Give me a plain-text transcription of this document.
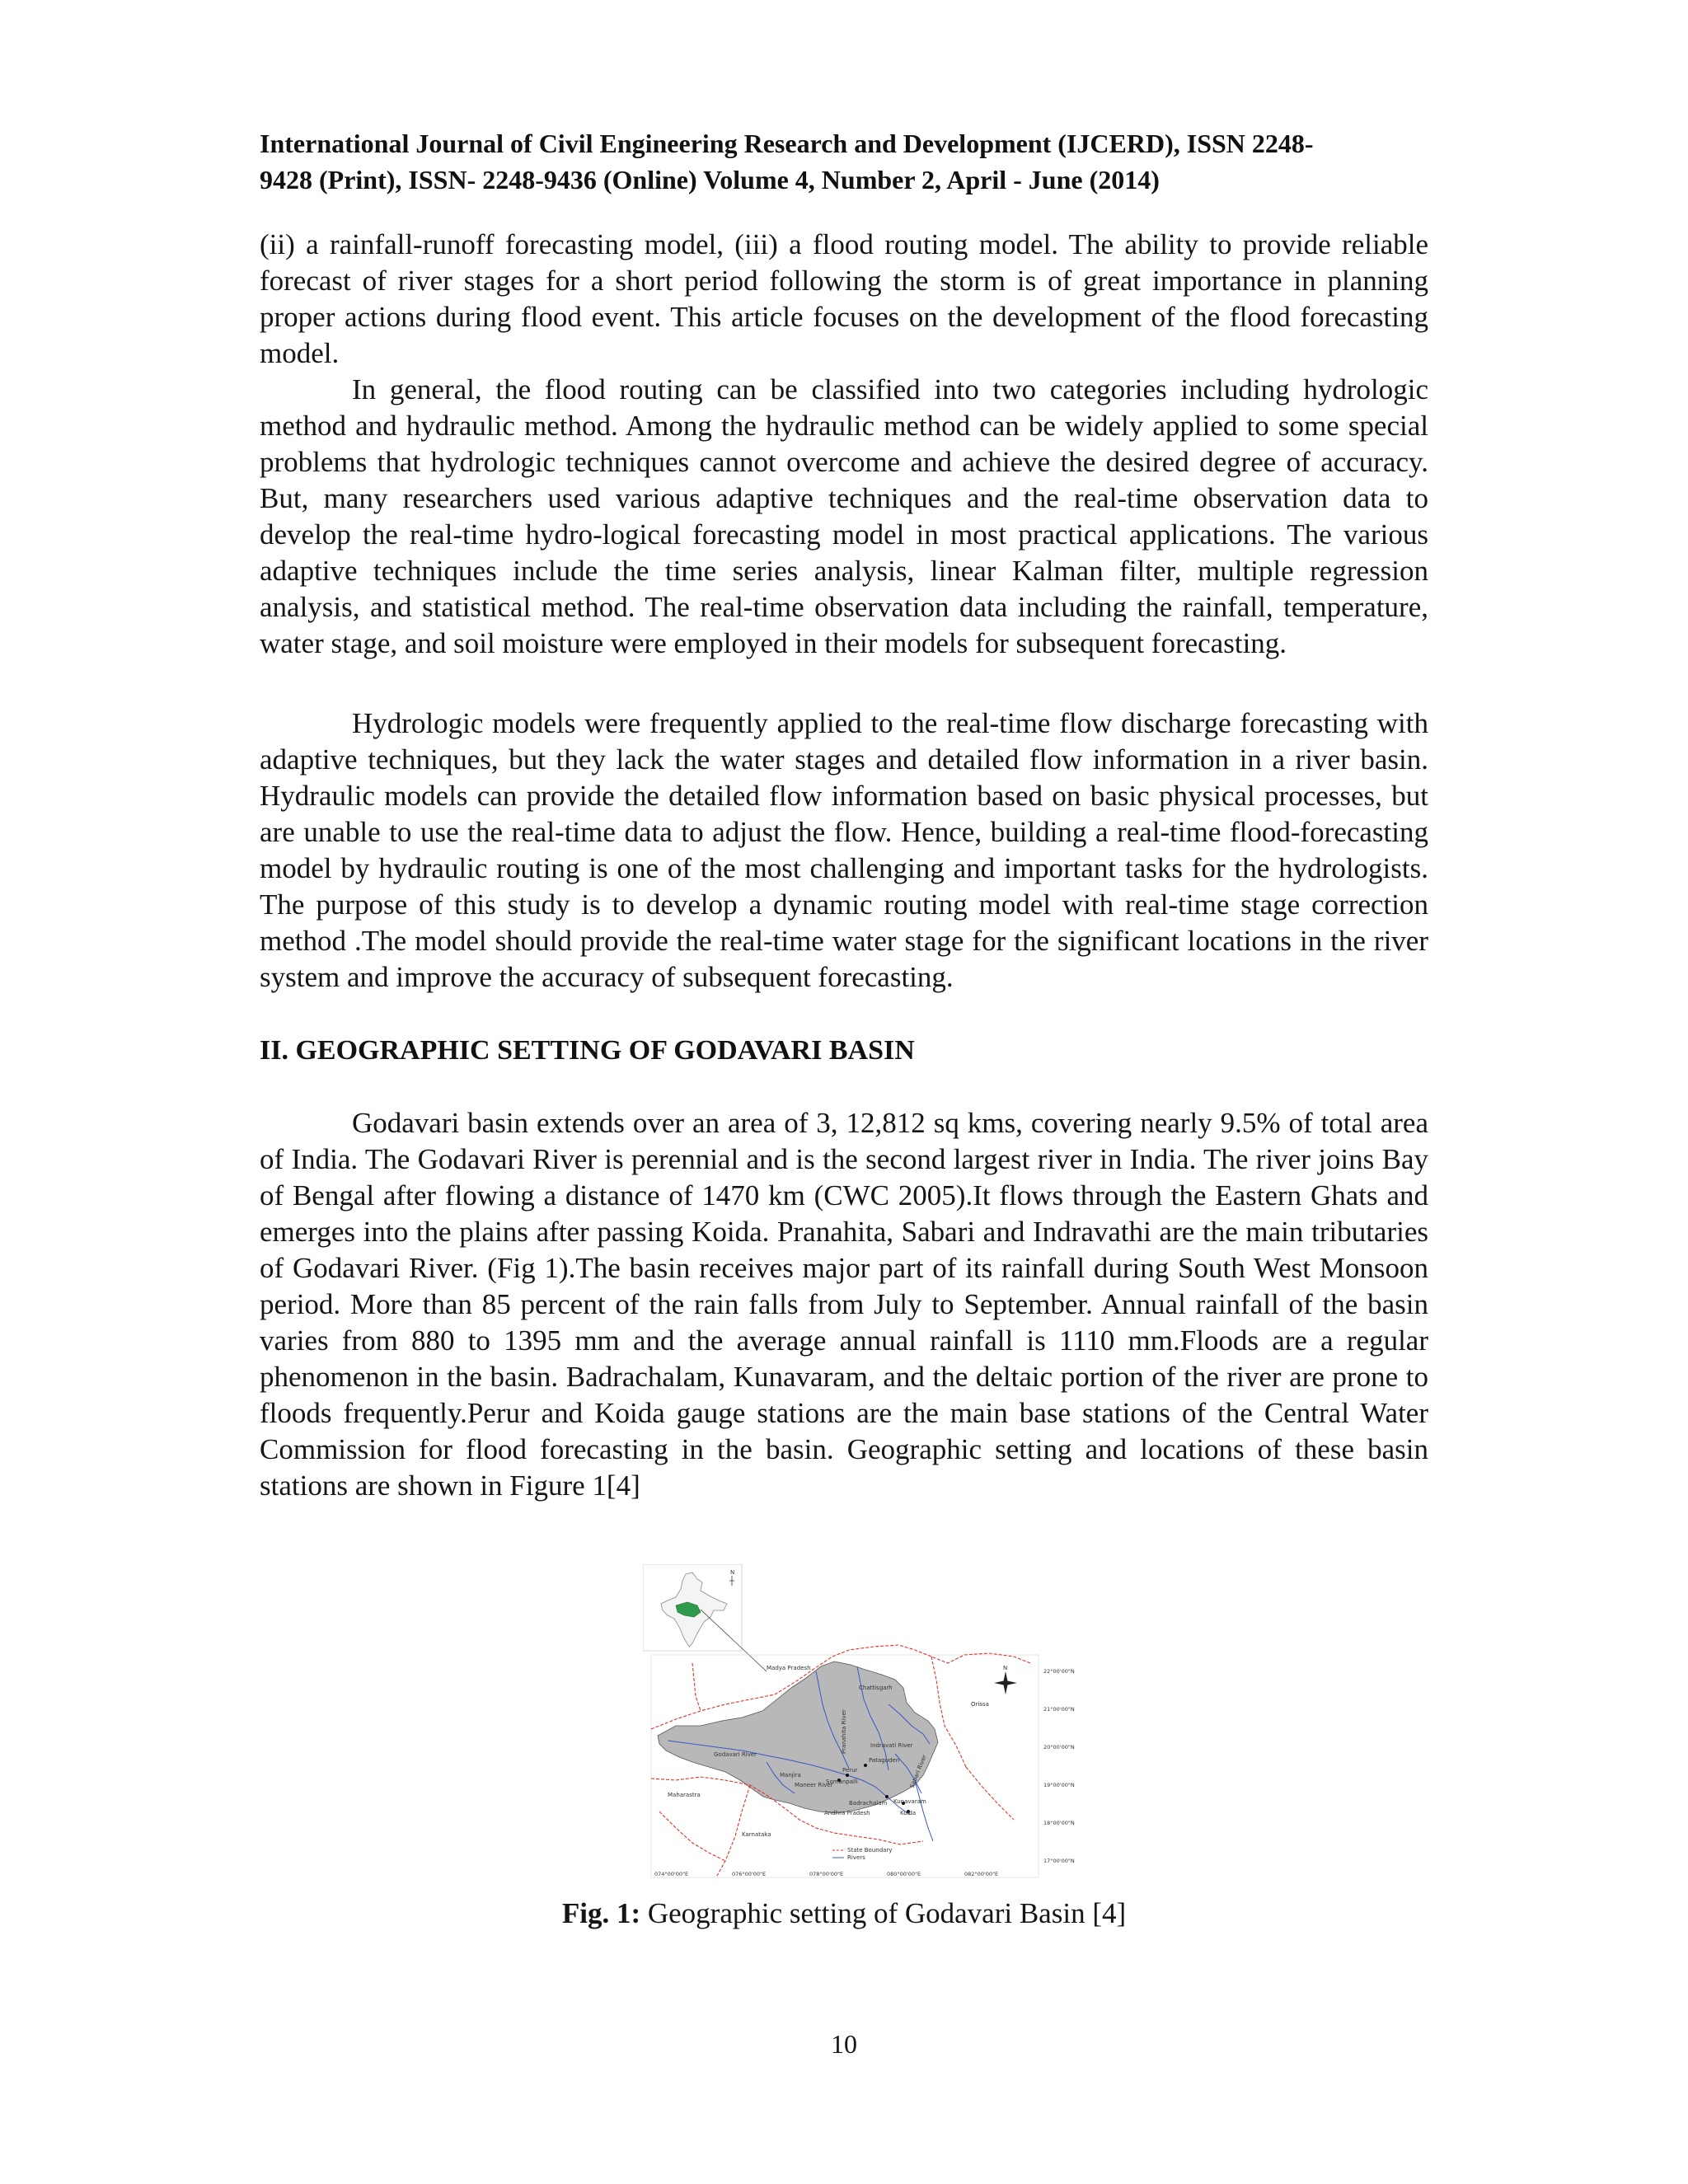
International Journal of Civil Engineering Research and Development (IJCERD), ISSN 2248-
9428 (Print), ISSN- 2248-9436 (Online) Volume 4, Number 2, April - June (2014)

(ii) a rainfall-runoff forecasting model, (iii) a flood routing model. The ability to provide reliable forecast of river stages for a short period following the storm is of great importance in planning proper actions during flood event. This article focuses on the development of the flood forecasting model.

In general, the flood routing can be classified into two categories including hydrologic method and hydraulic method. Among the hydraulic method can be widely applied to some special problems that hydrologic techniques cannot overcome and achieve the desired degree of accuracy. But, many researchers used various adaptive techniques and the real-time observation data to develop the real-time hydro-logical forecasting model in most practical applications. The various adaptive techniques include the time series analysis, linear Kalman filter, multiple regression analysis, and statistical method. The real-time observation data including the rainfall, temperature, water stage, and soil moisture were employed in their models for subsequent forecasting.

Hydrologic models were frequently applied to the real-time flow discharge forecasting with adaptive techniques, but they lack the water stages and detailed flow information in a river basin. Hydraulic models can provide the detailed flow information based on basic physical processes, but are unable to use the real-time data to adjust the flow. Hence, building a real-time flood-forecasting model by hydraulic routing is one of the most challenging and important tasks for the hydrologists. The purpose of this study is to develop a dynamic routing model with real-time stage correction method .The model should provide the real-time water stage for the significant locations in the river system and improve the accuracy of subsequent forecasting.

II. GEOGRAPHIC SETTING OF GODAVARI BASIN

Godavari basin extends over an area of 3, 12,812 sq kms, covering nearly 9.5% of total area of India. The Godavari River is perennial and is the second largest river in India. The river joins Bay of Bengal after flowing a distance of 1470 km (CWC 2005).It flows through the Eastern Ghats and emerges into the plains after passing Koida. Pranahita, Sabari and Indravathi are the main tributaries of Godavari River. (Fig 1).The basin receives major part of its rainfall during South West Monsoon period. More than 85 percent of the rain falls from July to September. Annual rainfall of the basin varies from 880 to 1395 mm and the average annual rainfall is 1110 mm.Floods are a regular phenomenon in the basin. Badrachalam, Kunavaram, and the deltaic portion of the river are prone to floods frequently.Perur and Koida gauge stations are the main base stations of the Central Water Commission for flood forecasting in the basin. Geographic setting and locations of these basin stations are shown in Figure 1[4]

N
Madya Pradesh
Chattisgarh
Orissa
Maharastra
Godavari River
Manjira
Maneer River
Somanpalli
Perur
Pranahita River	Indravati River
Pataguden Sabari River
Badrachalam Kunavaram
Koida
Andhra Pradesh
Karnataka
State Boundary
Rivers
N	22°00'00"N
21°00'00"N
20°00'00"N
19°00'00"N
18°00'00"N
17°00'00"N
074°00'00"E	076°00'00"E	078°00'00"E	080°00'00"E	082°00'00"E
Fig. 1: Geographic setting of Godavari Basin [4]
10
